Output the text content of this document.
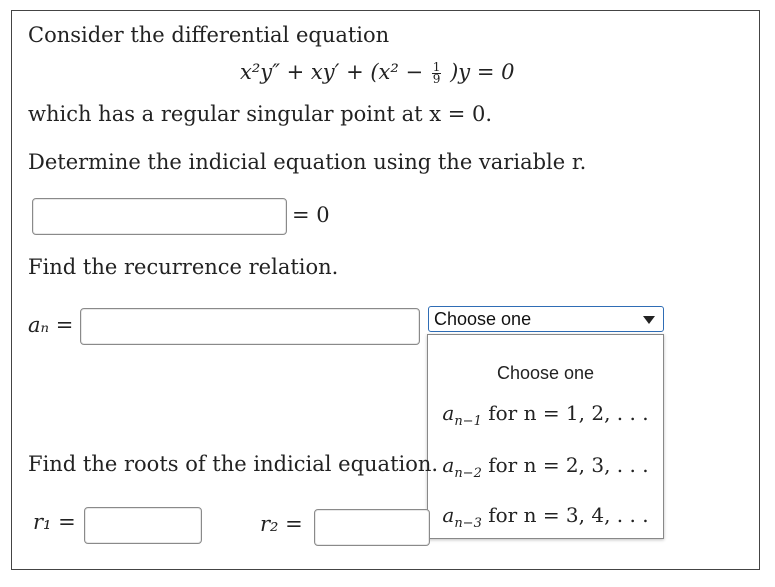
Consider the differential equation
$x^2y'' + xy' + (x^2 - \frac{1}{9} )y = 0$
which has a regular singular point at x = 0.
Determine the indicial equation using the variable r.
= 0
Find the recurrence relation.
aₙ =	Choose one
Choose one
$a_{n-1}$ for n = 1, 2, . . .
$a_{n-2}$ for n = 2, 3, . . .
$a_{n-3}$ for n = 3, 4, . . .
Find the roots of the indicial equation.
r₁ =	r₂ =
